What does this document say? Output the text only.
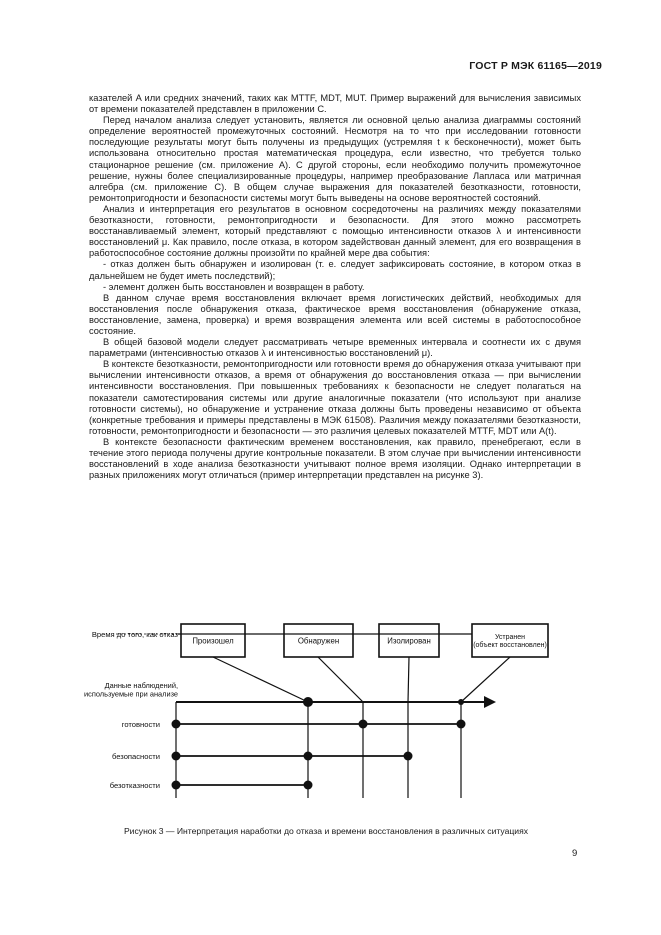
ГОСТ Р МЭК 61165—2019

казателей A или средних значений, таких как MTTF, MDT, MUT. Пример выражений для вычисления зависимых от времени показателей представлен в приложении C.

Перед началом анализа следует установить, является ли основной целью анализа диаграммы состояний определение вероятностей промежуточных состояний. Несмотря на то что при исследовании готовности последующие результаты могут быть получены из предыдущих (устремляя t к бесконечности), может быть использована относительно простая математическая процедура, если известно, что требуется только стационарное решение (см. приложение A). С другой стороны, если необходимо получить промежуточное решение, нужны более специализированные процедуры, например преобразование Лапласа или матричная алгебра (см. приложение C). В общем случае выражения для показателей безотказности, готовности, ремонтопригодности и безопасности системы могут быть выведены на основе вероятностей состояний.

Анализ и интерпретация его результатов в основном сосредоточены на различиях между показателями безотказности, готовности, ремонтопригодности и безопасности. Для этого можно рассмотреть восстанавливаемый элемент, который представляют с помощью интенсивности отказов λ и интенсивности восстановлений μ. Как правило, после отказа, в котором задействован данный элемент, для его возвращения в работоспособное состояние должны произойти по крайней мере два события:

- отказ должен быть обнаружен и изолирован (т. е. следует зафиксировать состояние, в котором отказ в дальнейшем не будет иметь последствий);

- элемент должен быть восстановлен и возвращен в работу.

В данном случае время восстановления включает время логистических действий, необходимых для восстановления после обнаружения отказа, фактическое время восстановления (обнаружение отказа, восстановление, замена, проверка) и время возвращения элемента или всей системы в работоспособное состояние.

В общей базовой модели следует рассматривать четыре временных интервала и соотнести их с двумя параметрами (интенсивностью отказов λ и интенсивностью восстановлений μ).

В контексте безотказности, ремонтопригодности или готовности время до обнаружения отказа учитывают при вычислении интенсивности отказов, а время от обнаружения до восстановления отказа — при вычислении интенсивности восстановления. При повышенных требованиях к безопасности не следует полагаться на показатели самотестирования системы или другие аналогичные показатели (что используют при анализе готовности системы), но обнаружение и устранение отказа должны быть проведены независимо от объекта (конкретные требования и примеры представлены в МЭК 61508). Различия между показателями безотказности, готовности, ремонтопригодности и безопасности — это различия целевых показателей MTTF, MDT или A(t).

В контексте безопасности фактическим временем восстановления, как правило, пренебрегают, если в течение этого периода получены другие контрольные показатели. В этом случае при вычислении интенсивности восстановлений в ходе анализа безотказности учитывают полное время изоляции. Однако интерпретации в разных приложениях могут отличаться (пример интерпретации представлен на рисунке 3).

Время до того, как отказ
Произошел	Обнаружен	Изолирован	Устранен (объект восстановлен)
Данные наблюдений, используемые при анализе
готовности
безопасности
безотказности
Рисунок 3 — Интерпретация наработки до отказа и времени восстановления в различных ситуациях
9
